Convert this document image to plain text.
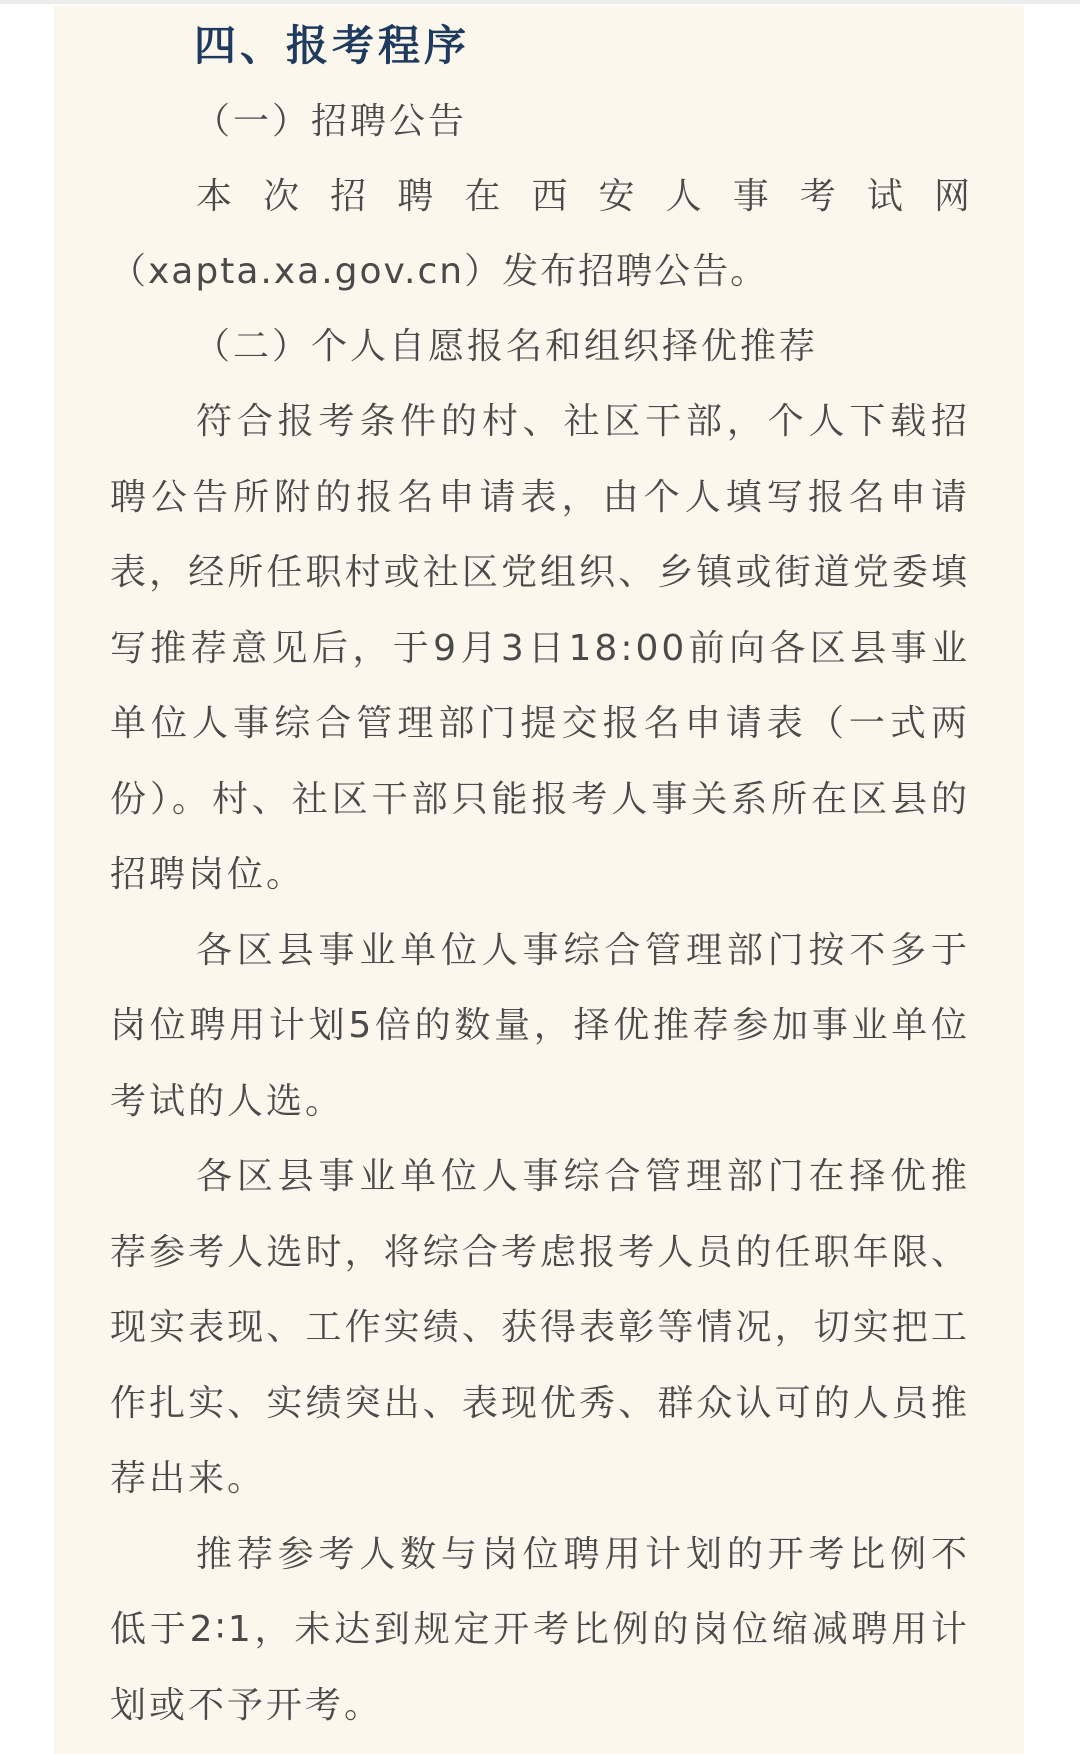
四、报考程序

（一）招聘公告

本 次 招 聘 在 西 安 人 事 考 试 网
（xapta.xa.gov.cn）发布招聘公告。

（二）个人自愿报名和组织择优推荐

符合报考条件的村、社区干部，个人下载招聘公告所附的报名申请表，由个人填写报名申请表，经所任职村或社区党组织、乡镇或街道党委填写推荐意见后，于9月3日18:00前向各区县事业单位人事综合管理部门提交报名申请表（一式两份）。村、社区干部只能报考人事关系所在区县的招聘岗位。

各区县事业单位人事综合管理部门按不多于岗位聘用计划5倍的数量，择优推荐参加事业单位考试的人选。

各区县事业单位人事综合管理部门在择优推荐参考人选时，将综合考虑报考人员的任职年限、现实表现、工作实绩、获得表彰等情况，切实把工作扎实、实绩突出、表现优秀、群众认可的人员推荐出来。

推荐参考人数与岗位聘用计划的开考比例不低于2∶1，未达到规定开考比例的岗位缩减聘用计划或不予开考。
